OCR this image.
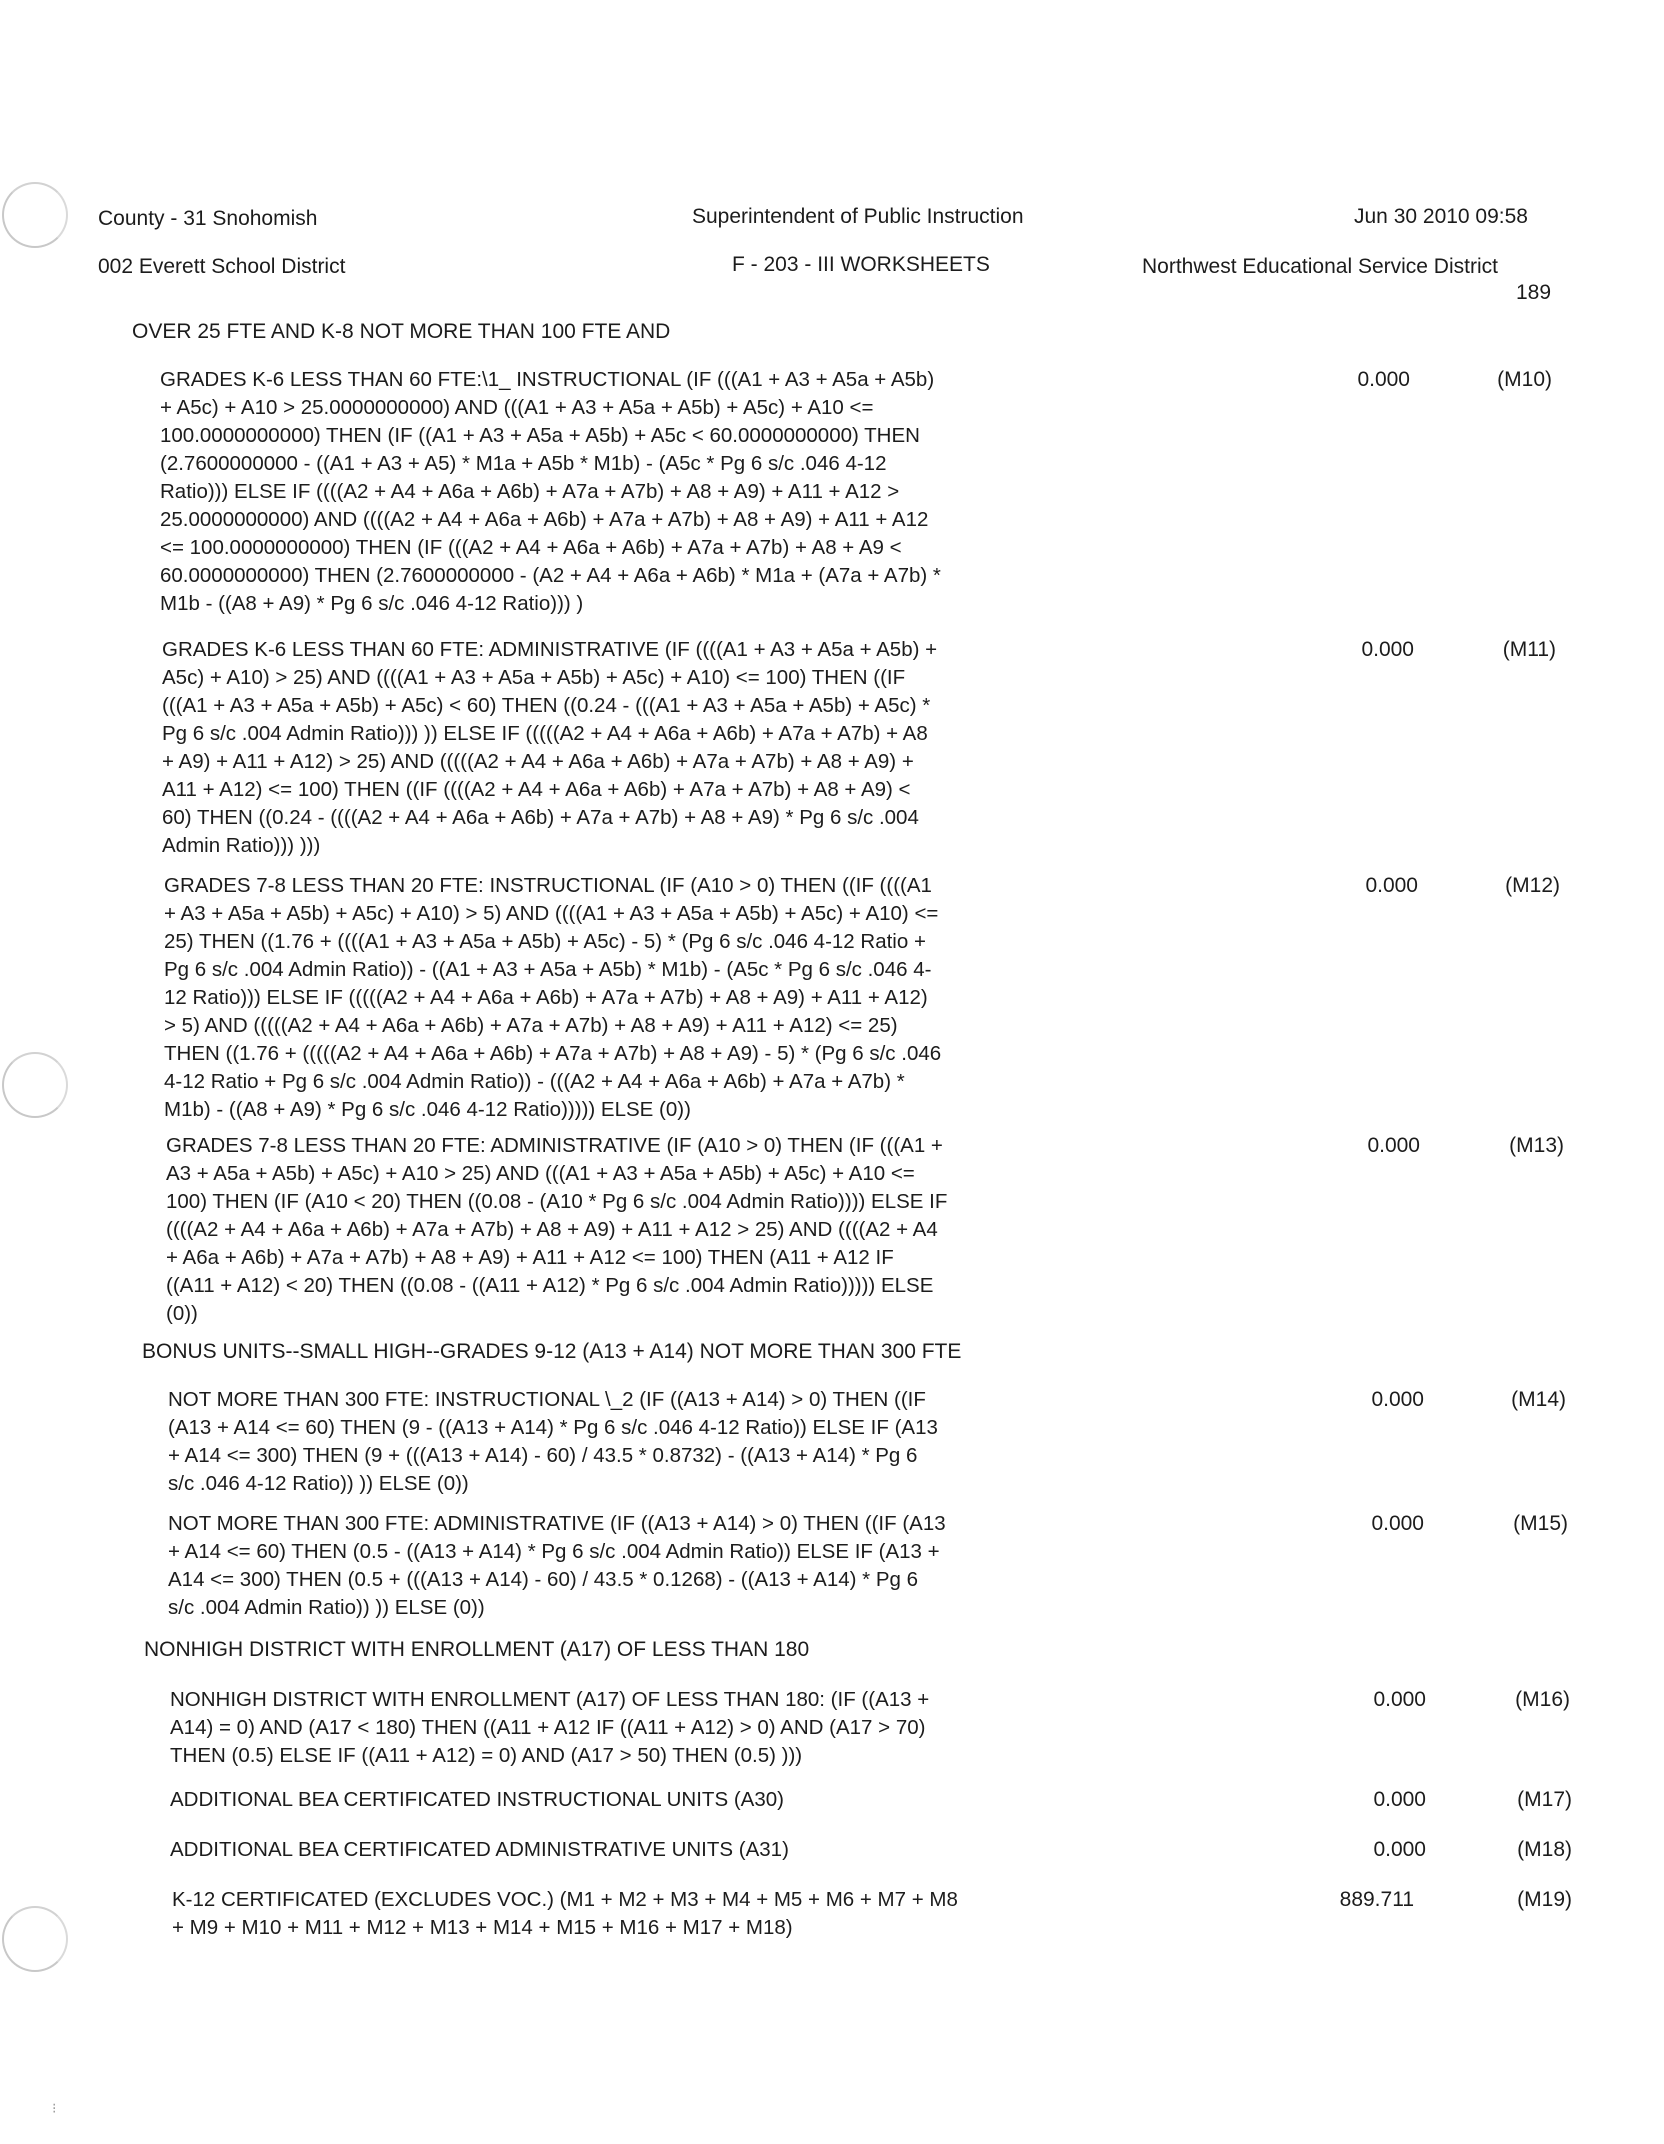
County - 31 Snohomish	Superintendent of Public Instruction	Jun 30 2010 09:58
002 Everett School District	F - 203 - III WORKSHEETS	Northwest Educational Service District
189
OVER 25 FTE AND K-8 NOT MORE THAN 100 FTE AND
GRADES K-6 LESS THAN 60 FTE:\1_ INSTRUCTIONAL (IF (((A1 + A3 + A5a + A5b)
+ A5c) + A10 > 25.0000000000) AND (((A1 + A3 + A5a + A5b) + A5c) + A10 <=
100.0000000000) THEN (IF ((A1 + A3 + A5a + A5b) + A5c < 60.0000000000) THEN
(2.7600000000 - ((A1 + A3 + A5) * M1a + A5b * M1b) - (A5c * Pg 6 s/c .046 4-12
Ratio))) ELSE IF ((((A2 + A4 + A6a + A6b) + A7a + A7b) + A8 + A9) + A11 + A12 >
25.0000000000) AND ((((A2 + A4 + A6a + A6b) + A7a + A7b) + A8 + A9) + A11 + A12
<= 100.0000000000) THEN (IF (((A2 + A4 + A6a + A6b) + A7a + A7b) + A8 + A9 <
60.0000000000) THEN (2.7600000000 - (A2 + A4 + A6a + A6b) * M1a + (A7a + A7b) *
M1b - ((A8 + A9) * Pg 6 s/c .046 4-12 Ratio))) )
0.000	(M10)
GRADES K-6 LESS THAN 60 FTE: ADMINISTRATIVE (IF ((((A1 + A3 + A5a + A5b) +
A5c) + A10) > 25) AND ((((A1 + A3 + A5a + A5b) + A5c) + A10) <= 100) THEN ((IF
(((A1 + A3 + A5a + A5b) + A5c) < 60) THEN ((0.24 - (((A1 + A3 + A5a + A5b) + A5c) *
Pg 6 s/c .004 Admin Ratio))) )) ELSE IF (((((A2 + A4 + A6a + A6b) + A7a + A7b) + A8
+ A9) + A11 + A12) > 25) AND (((((A2 + A4 + A6a + A6b) + A7a + A7b) + A8 + A9) +
A11 + A12) <= 100) THEN ((IF ((((A2 + A4 + A6a + A6b) + A7a + A7b) + A8 + A9) <
60) THEN ((0.24 - ((((A2 + A4 + A6a + A6b) + A7a + A7b) + A8 + A9) * Pg 6 s/c .004
Admin Ratio))) )))
0.000	(M11)
GRADES 7-8 LESS THAN 20 FTE: INSTRUCTIONAL (IF (A10 > 0) THEN ((IF ((((A1
+ A3 + A5a + A5b) + A5c) + A10) > 5) AND ((((A1 + A3 + A5a + A5b) + A5c) + A10) <=
25) THEN ((1.76 + ((((A1 + A3 + A5a + A5b) + A5c) - 5) * (Pg 6 s/c .046 4-12 Ratio +
Pg 6 s/c .004 Admin Ratio)) - ((A1 + A3 + A5a + A5b) * M1b) - (A5c * Pg 6 s/c .046 4-
12 Ratio))) ELSE IF (((((A2 + A4 + A6a + A6b) + A7a + A7b) + A8 + A9) + A11 + A12)
> 5) AND (((((A2 + A4 + A6a + A6b) + A7a + A7b) + A8 + A9) + A11 + A12) <= 25)
THEN ((1.76 + (((((A2 + A4 + A6a + A6b) + A7a + A7b) + A8 + A9) - 5) * (Pg 6 s/c .046
4-12 Ratio + Pg 6 s/c .004 Admin Ratio)) - (((A2 + A4 + A6a + A6b) + A7a + A7b) *
M1b) - ((A8 + A9) * Pg 6 s/c .046 4-12 Ratio))))) ELSE (0))
0.000	(M12)
GRADES 7-8 LESS THAN 20 FTE: ADMINISTRATIVE (IF (A10 > 0) THEN (IF (((A1 +
A3 + A5a + A5b) + A5c) + A10 > 25) AND (((A1 + A3 + A5a + A5b) + A5c) + A10 <=
100) THEN (IF (A10 < 20) THEN ((0.08 - (A10 * Pg 6 s/c .004 Admin Ratio)))) ELSE IF
((((A2 + A4 + A6a + A6b) + A7a + A7b) + A8 + A9) + A11 + A12 > 25) AND ((((A2 + A4
+ A6a + A6b) + A7a + A7b) + A8 + A9) + A11 + A12 <= 100) THEN (A11 + A12 IF
((A11 + A12) < 20) THEN ((0.08 - ((A11 + A12) * Pg 6 s/c .004 Admin Ratio))))) ELSE
(0))
0.000	(M13)
BONUS UNITS--SMALL HIGH--GRADES 9-12 (A13 + A14) NOT MORE THAN 300 FTE
NOT MORE THAN 300 FTE: INSTRUCTIONAL \_2 (IF ((A13 + A14) > 0) THEN ((IF
(A13 + A14 <= 60) THEN (9 - ((A13 + A14) * Pg 6 s/c .046 4-12 Ratio)) ELSE IF (A13
+ A14 <= 300) THEN (9 + (((A13 + A14) - 60) / 43.5 * 0.8732) - ((A13 + A14) * Pg 6
s/c .046 4-12 Ratio)) )) ELSE (0))
0.000	(M14)
NOT MORE THAN 300 FTE: ADMINISTRATIVE (IF ((A13 + A14) > 0) THEN ((IF (A13
+ A14 <= 60) THEN (0.5 - ((A13 + A14) * Pg 6 s/c .004 Admin Ratio)) ELSE IF (A13 +
A14 <= 300) THEN (0.5 + (((A13 + A14) - 60) / 43.5 * 0.1268) - ((A13 + A14) * Pg 6
s/c .004 Admin Ratio)) )) ELSE (0))
0.000	(M15)
NONHIGH DISTRICT WITH ENROLLMENT (A17) OF LESS THAN 180
NONHIGH DISTRICT WITH ENROLLMENT (A17) OF LESS THAN 180: (IF ((A13 +
A14) = 0) AND (A17 < 180) THEN ((A11 + A12 IF ((A11 + A12) > 0) AND (A17 > 70)
THEN (0.5) ELSE IF ((A11 + A12) = 0) AND (A17 > 50) THEN (0.5) )))
0.000	(M16)
ADDITIONAL BEA CERTIFICATED INSTRUCTIONAL UNITS (A30)	0.000	(M17)
ADDITIONAL BEA CERTIFICATED ADMINISTRATIVE UNITS (A31)	0.000	(M18)
K-12 CERTIFICATED (EXCLUDES VOC.) (M1 + M2 + M3 + M4 + M5 + M6 + M7 + M8
+ M9 + M10 + M11 + M12 + M13 + M14 + M15 + M16 + M17 + M18)
889.711	(M19)
⁝
